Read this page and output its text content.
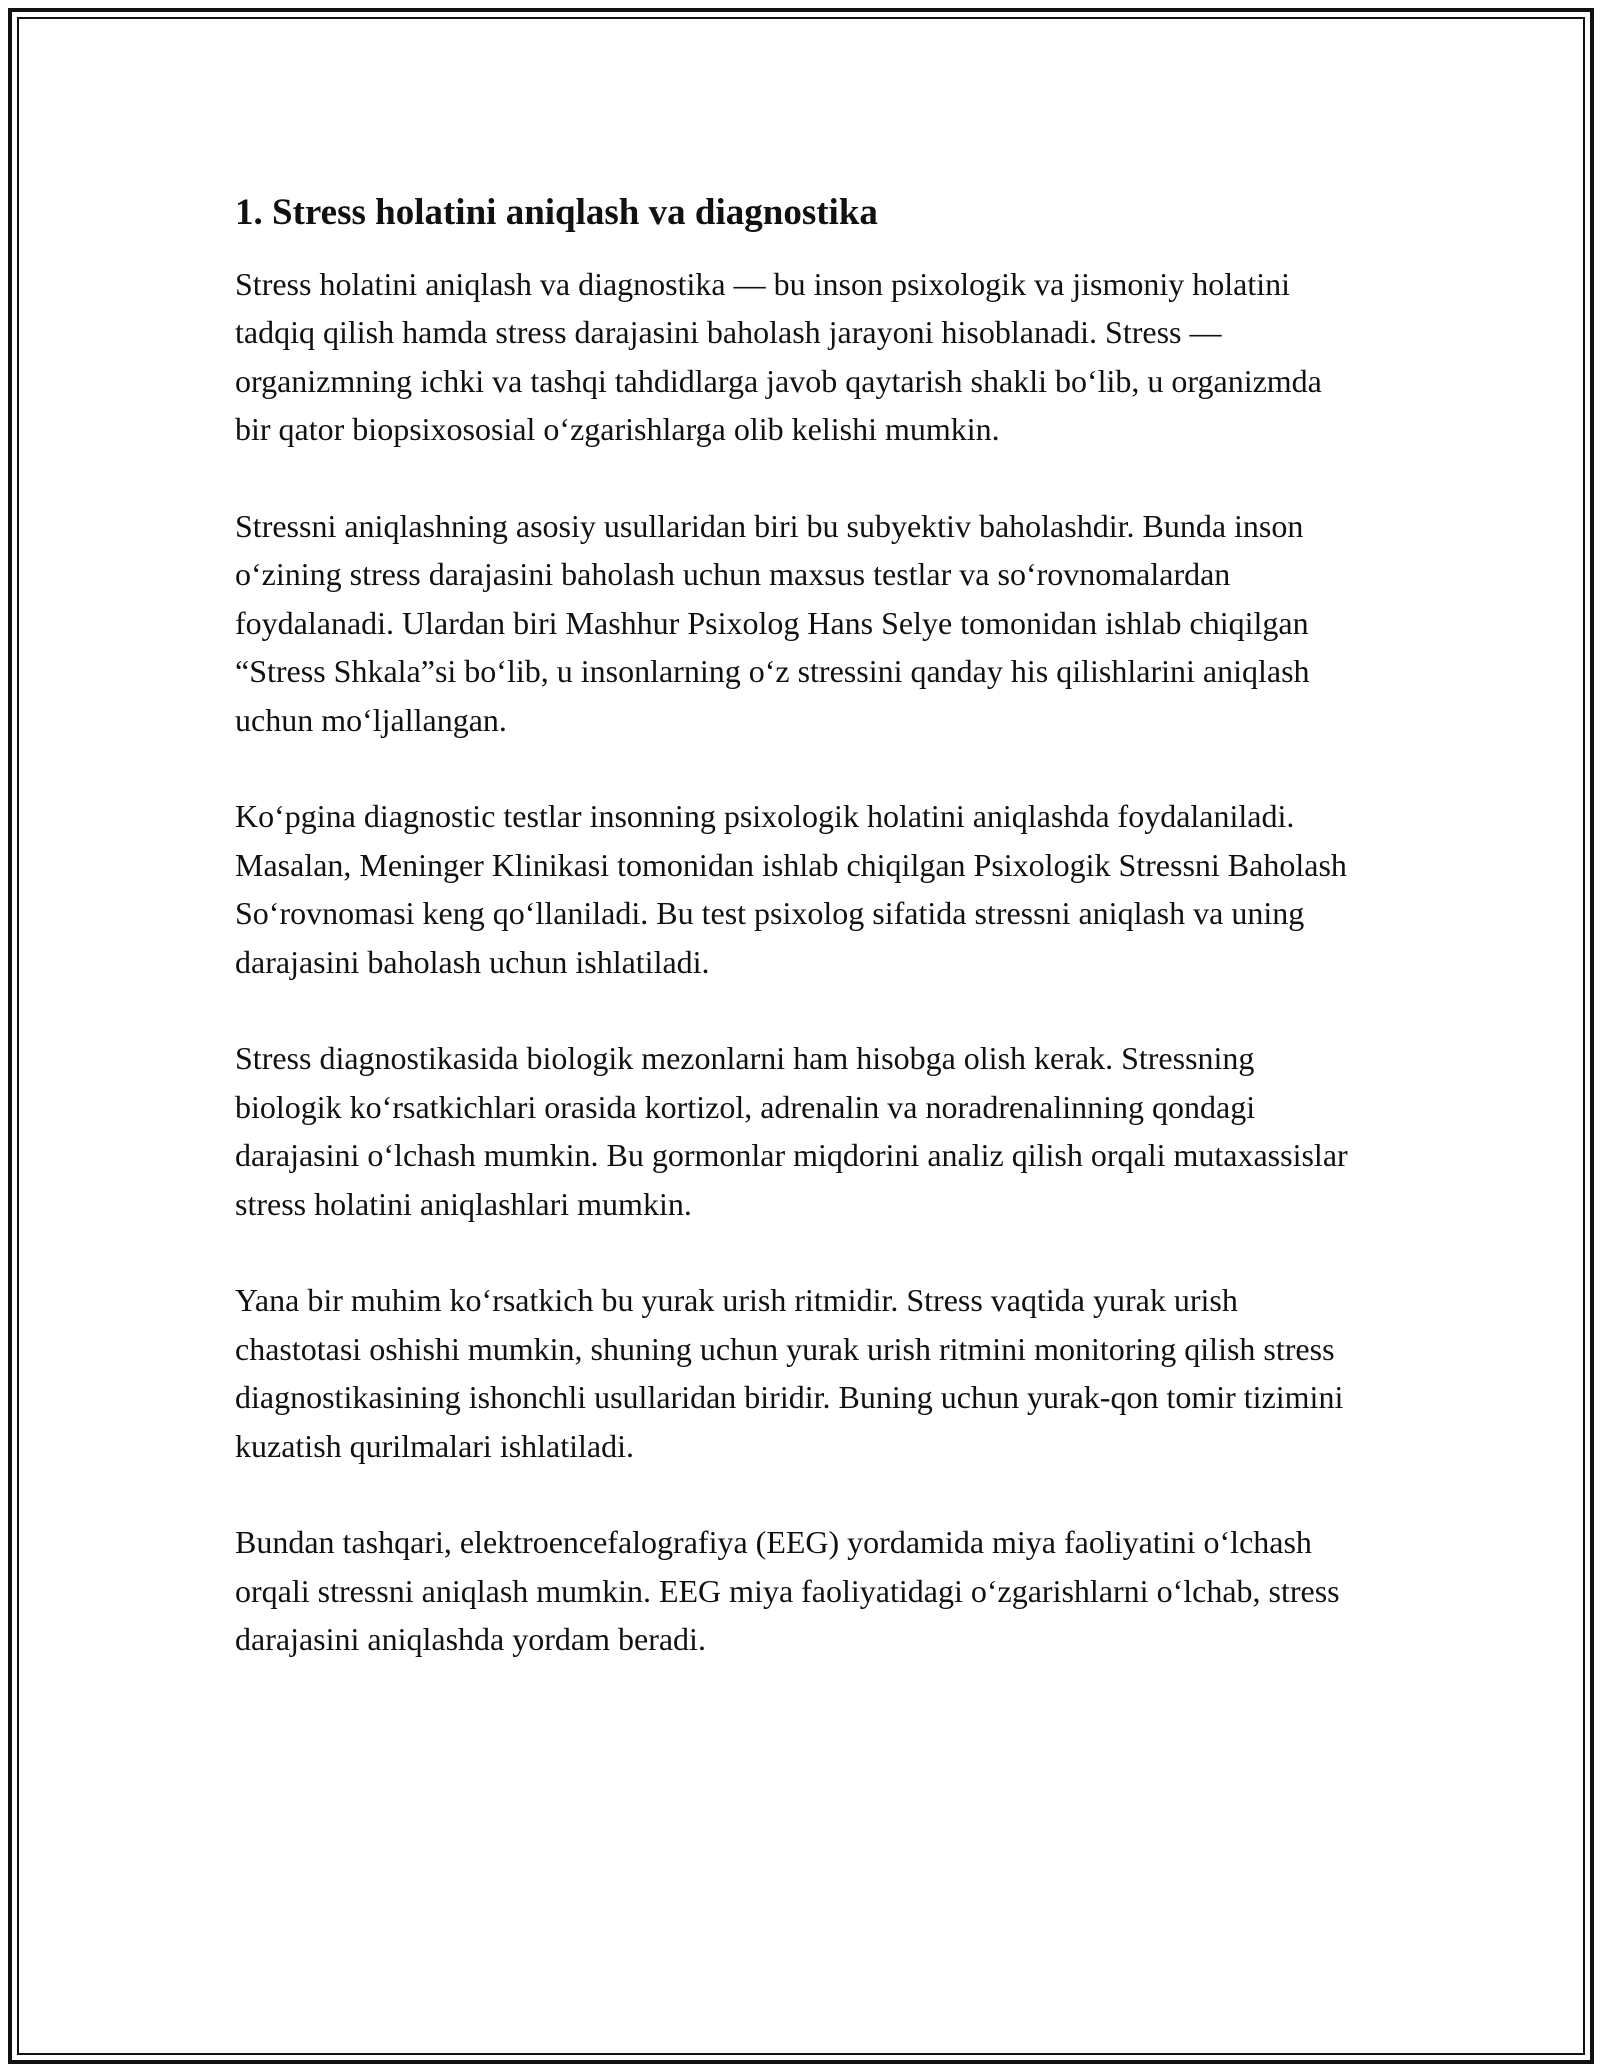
1. Stress holatini aniqlash va diagnostika

Stress holatini aniqlash va diagnostika — bu inson psixologik va jismoniy holatini tadqiq qilish hamda stress darajasini baholash jarayoni hisoblanadi. Stress — organizmning ichki va tashqi tahdidlarga javob qaytarish shakli bo‘lib, u organizmda bir qator biopsixososial o‘zgarishlarga olib kelishi mumkin.

Stressni aniqlashning asosiy usullaridan biri bu subyektiv baholashdir. Bunda inson o‘zining stress darajasini baholash uchun maxsus testlar va so‘rovnomalardan foydalanadi. Ulardan biri Mashhur Psixolog Hans Selye tomonidan ishlab chiqilgan “Stress Shkala”si bo‘lib, u insonlarning o‘z stressini qanday his qilishlarini aniqlash uchun mo‘ljallangan.

Ko‘pgina diagnostic testlar insonning psixologik holatini aniqlashda foydalaniladi. Masalan, Meninger Klinikasi tomonidan ishlab chiqilgan Psixologik Stressni Baholash So‘rovnomasi keng qo‘llaniladi. Bu test psixolog sifatida stressni aniqlash va uning darajasini baholash uchun ishlatiladi.

Stress diagnostikasida biologik mezonlarni ham hisobga olish kerak. Stressning biologik ko‘rsatkichlari orasida kortizol, adrenalin va noradrenalinning qondagi darajasini o‘lchash mumkin. Bu gormonlar miqdorini analiz qilish orqali mutaxassislar stress holatini aniqlashlari mumkin.

Yana bir muhim ko‘rsatkich bu yurak urish ritmidir. Stress vaqtida yurak urish chastotasi oshishi mumkin, shuning uchun yurak urish ritmini monitoring qilish stress diagnostikasining ishonchli usullaridan biridir. Buning uchun yurak-qon tomir tizimini kuzatish qurilmalari ishlatiladi.

Bundan tashqari, elektroencefalografiya (EEG) yordamida miya faoliyatini o‘lchash orqali stressni aniqlash mumkin. EEG miya faoliyatidagi o‘zgarishlarni o‘lchab, stress darajasini aniqlashda yordam beradi.
